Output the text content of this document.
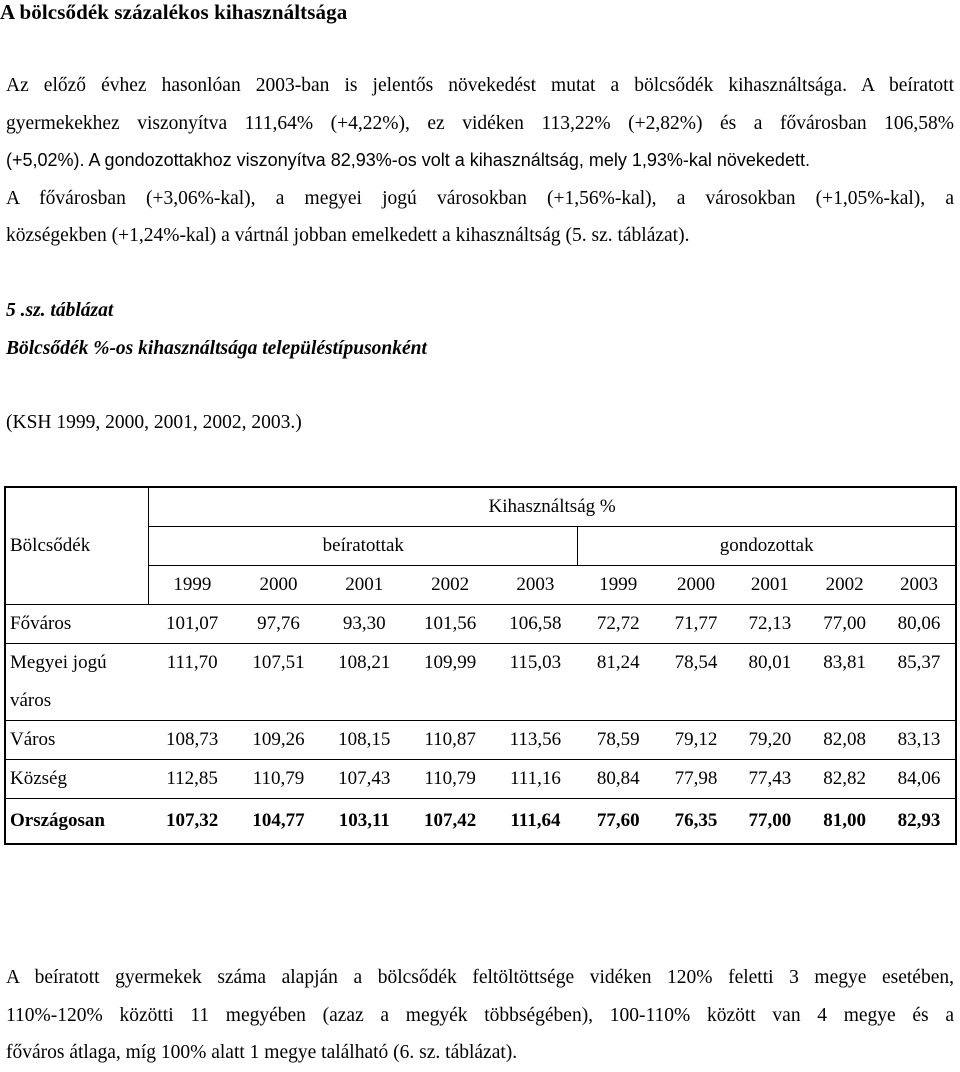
A bölcsődék százalékos kihasználtsága
Az előző évhez hasonlóan 2003-ban is jelentős növekedést mutat a bölcsődék kihasználtsága. A beíratott
gyermekekhez viszonyítva 111,64% (+4,22%), ez vidéken 113,22% (+2,82%) és a fővárosban 106,58%
(+5,02%). A gondozottakhoz viszonyítva 82,93%-os volt a kihasználtság, mely 1,93%-kal növekedett.
A fővárosban (+3,06%-kal), a megyei jogú városokban (+1,56%-kal), a városokban (+1,05%-kal), a
községekben (+1,24%-kal) a vártnál jobban emelkedett a kihasználtság (5. sz. táblázat).
5 .sz. táblázat
Bölcsődék %-os kihasználtsága településtípusonként
(KSH 1999, 2000, 2001, 2002, 2003.)
Bölcsődék	Kihasználtság %									
	beíratottak					gondozottak				
	1999	2000	2001	2002	2003	1999	2000	2001	2002	2003
Főváros	101,07	97,76	93,30	101,56	106,58	72,72	71,77	72,13	77,00	80,06

Megyei jogú
város	111,70	107,51	108,21	109,99	115,03	81,24	78,54	80,01	83,81	85,37
Város	108,73	109,26	108,15	110,87	113,56	78,59	79,12	79,20	82,08	83,13
Község	112,85	110,79	107,43	110,79	111,16	80,84	77,98	77,43	82,82	84,06
Országosan	107,32	104,77	103,11	107,42	111,64	77,60	76,35	77,00	81,00	82,93
A beíratott gyermekek száma alapján a bölcsődék feltöltöttsége vidéken 120% feletti 3 megye esetében,
110%-120% közötti 11 megyében (azaz a megyék többségében), 100-110% között van 4 megye és a
főváros átlaga, míg 100% alatt 1 megye található (6. sz. táblázat).
